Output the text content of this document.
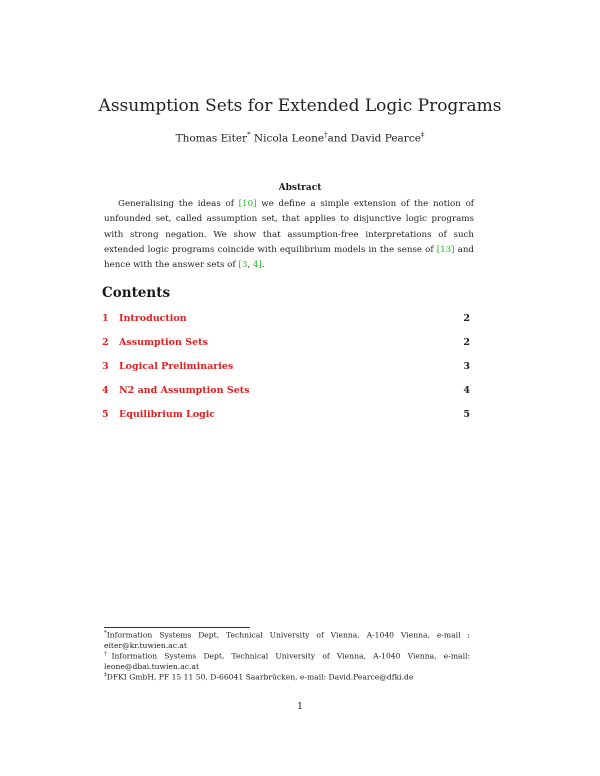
Assumption Sets for Extended Logic Programs
Thomas Eiter* Nicola Leone†and David Pearce‡
Abstract
Generalising the ideas of [10] we define a simple extension of the notion of unfounded set, called assumption set, that applies to disjunctive logic programs with strong negation. We show that assumption-free interpretations of such extended logic programs coincide with equilibrium models in the sense of [13] and hence with the answer sets of [3, 4].
Contents
1 Introduction	2
2 Assumption Sets	2
3 Logical Preliminaries	3
4 N2 and Assumption Sets	4
5 Equilibrium Logic	5
*Information Systems Dept, Technical University of Vienna, A-1040 Vienna, e-mail : eiter@kr.tuwien.ac.at
†Information Systems Dept, Technical University of Vienna, A-1040 Vienna, e-mail: leone@dbai.tuwien.ac.at
‡DFKI GmbH, PF 15 11 50, D-66041 Saarbrücken, e-mail: David.Pearce@dfki.de
1
